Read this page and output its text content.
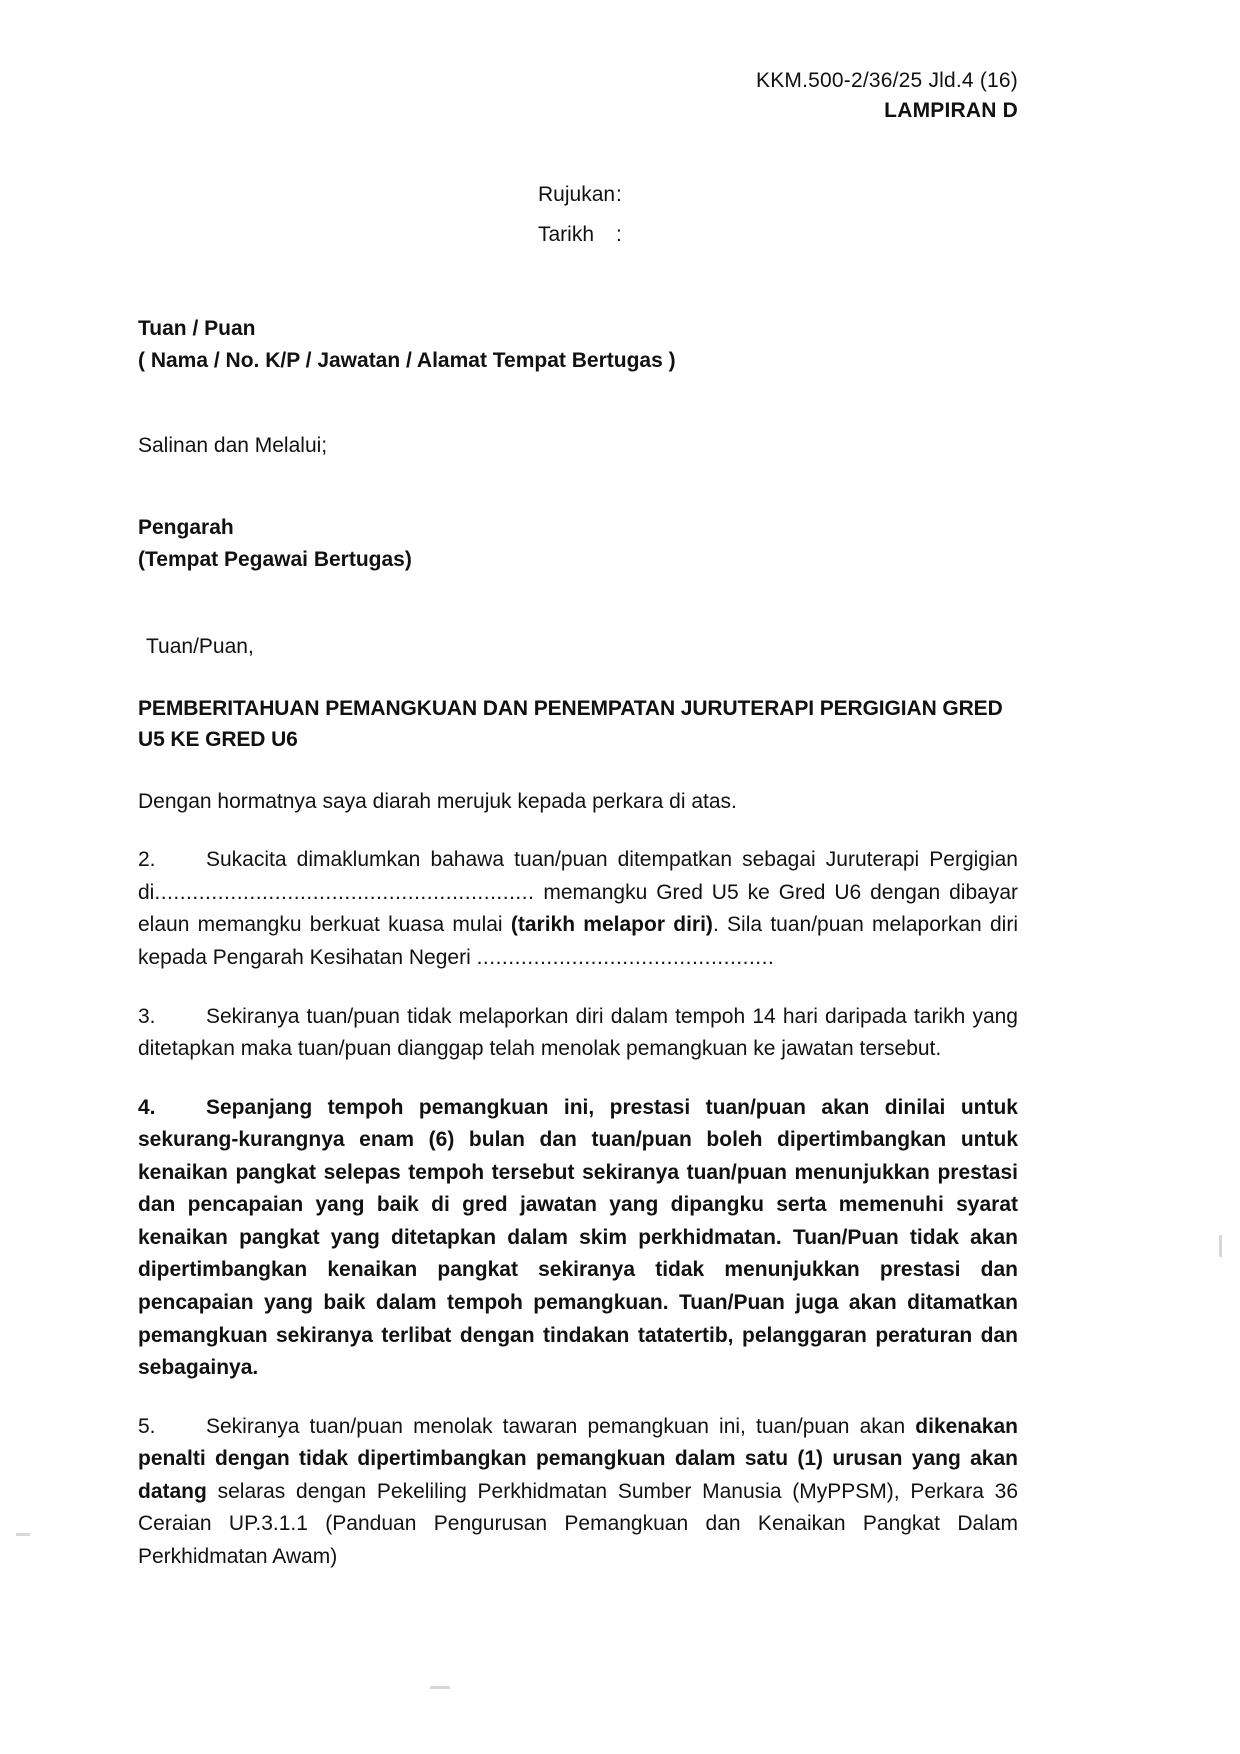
KKM.500-2/36/25 Jld.4 (16)
LAMPIRAN D
Rujukan :
Tarikh	:
Tuan / Puan
( Nama / No. K/P / Jawatan / Alamat Tempat Bertugas )
Salinan dan Melalui;
Pengarah
(Tempat Pegawai Bertugas)
Tuan/Puan,
PEMBERITAHUAN PEMANGKUAN DAN PENEMPATAN JURUTERAPI PERGIGIAN GRED U5 KE GRED U6

Dengan hormatnya saya diarah merujuk kepada perkara di atas.

2. Sukacita dimaklumkan bahawa tuan/puan ditempatkan sebagai Juruterapi Pergigian di............................................................ memangku Gred U5 ke Gred U6 dengan dibayar elaun memangku berkuat kuasa mulai (tarikh melapor diri). Sila tuan/puan melaporkan diri kepada Pengarah Kesihatan Negeri ...............................................

3. Sekiranya tuan/puan tidak melaporkan diri dalam tempoh 14 hari daripada tarikh yang ditetapkan maka tuan/puan dianggap telah menolak pemangkuan ke jawatan tersebut.

4. Sepanjang tempoh pemangkuan ini, prestasi tuan/puan akan dinilai untuk sekurang-kurangnya enam (6) bulan dan tuan/puan boleh dipertimbangkan untuk kenaikan pangkat selepas tempoh tersebut sekiranya tuan/puan menunjukkan prestasi dan pencapaian yang baik di gred jawatan yang dipangku serta memenuhi syarat kenaikan pangkat yang ditetapkan dalam skim perkhidmatan. Tuan/Puan tidak akan dipertimbangkan kenaikan pangkat sekiranya tidak menunjukkan prestasi dan pencapaian yang baik dalam tempoh pemangkuan. Tuan/Puan juga akan ditamatkan pemangkuan sekiranya terlibat dengan tindakan tatatertib, pelanggaran peraturan dan sebagainya.

5. Sekiranya tuan/puan menolak tawaran pemangkuan ini, tuan/puan akan dikenakan penalti dengan tidak dipertimbangkan pemangkuan dalam satu (1) urusan yang akan datang selaras dengan Pekeliling Perkhidmatan Sumber Manusia (MyPPSM), Perkara 36 Ceraian UP.3.1.1 (Panduan Pengurusan Pemangkuan dan Kenaikan Pangkat Dalam Perkhidmatan Awam)
